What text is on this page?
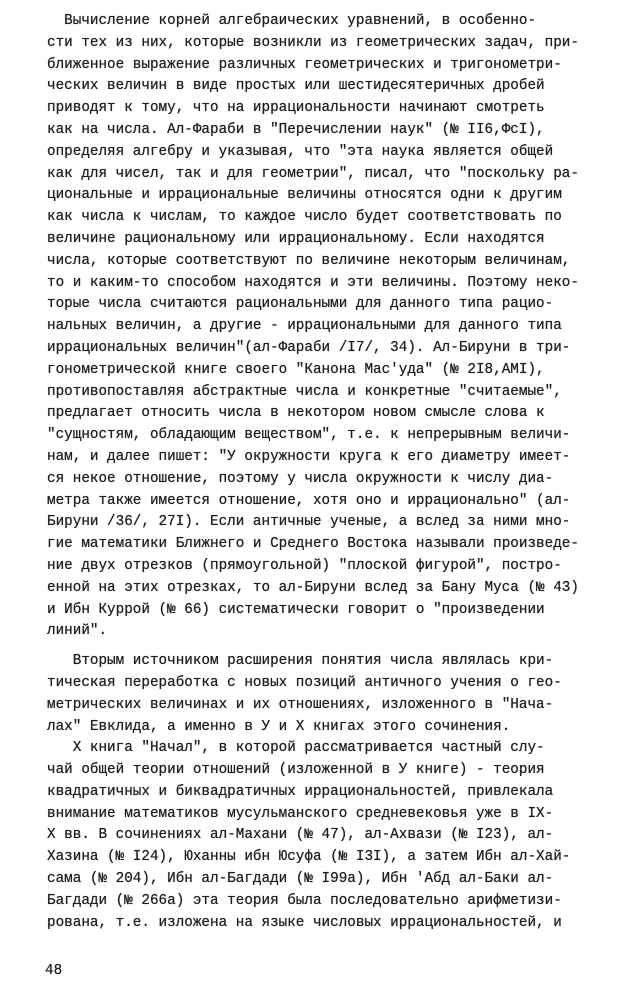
Вычисление корней алгебраических уравнений, в особенно-
сти тех из них, которые возникли из геометрических задач, при-
ближенное выражение различных геометрических и тригонометри-
ческих величин в виде простых или шестидесятеричных дробей
приводят к тому, что на иррациональности начинают смотреть
как на числа. Ал-Фараби в "Перечислении наук" (№ II6,ФсI),
определяя алгебру и указывая, что "эта наука является общей
как для чисел, так и для геометрии", писал, что "поскольку ра-
циональные и иррациональные величины относятся одни к другим
как числа к числам, то каждое число будет соответствовать по
величине рациональному или иррациональному. Если находятся
числа, которые соответствуют по величине некоторым величинам,
то и каким-то способом находятся и эти величины. Поэтому неко-
торые числа считаются рациональными для данного типа рацио-
нальных величин, а другие - иррациональными для данного типа
иррациональных величин"(ал-Фараби /I7/, 34). Ал-Бируни в три-
гонометрической книге своего "Канона Мас'уда" (№ 2I8,АМI),
противопоставляя абстрактные числа и конкретные "считаемые",
предлагает относить числа в некотором новом смысле слова к
"сущностям, обладающим веществом", т.е. к непрерывным величи-
нам, и далее пишет: "У окружности круга к его диаметру имеет-
ся некое отношение, поэтому у числа окружности к числу диа-
метра также имеется отношение, хотя оно и иррационально" (ал-
Бируни /36/, 27I). Если античные ученые, а вслед за ними мно-
гие математики Ближнего и Среднего Востока называли произведе-
ние двух отрезков (прямоугольной) "плоской фигурой", постро-
енной на этих отрезках, то ал-Бируни вслед за Бану Муса (№ 43)
и Ибн Куррой (№ 66) систематически говорит о "произведении
линий".
Вторым источником расширения понятия числа являлась кри-
тическая переработка с новых позиций античного учения о гео-
метрических величинах и их отношениях, изложенного в "Нача-
лах" Евклида, а именно в У и Х книгах этого сочинения.
Х книга "Начал", в которой рассматривается частный слу-
чай общей теории отношений (изложенной в У книге) - теория
квадратичных и биквадратичных иррациональностей, привлекала
внимание математиков мусульманского средневековья уже в IX-
Х вв. В сочинениях ал-Махани (№ 47), ал-Ахвази (№ I23), ал-
Хазина (№ I24), Юханны ибн Юсуфа (№ I3I), а затем Ибн ал-Хай-
сама (№ 204), Ибн ал-Багдади (№ I99а), Ибн 'Абд ал-Баки ал-
Багдади (№ 266а) эта теория была последовательно арифметизи-
рована, т.е. изложена на языке числовых иррациональностей, и
48
